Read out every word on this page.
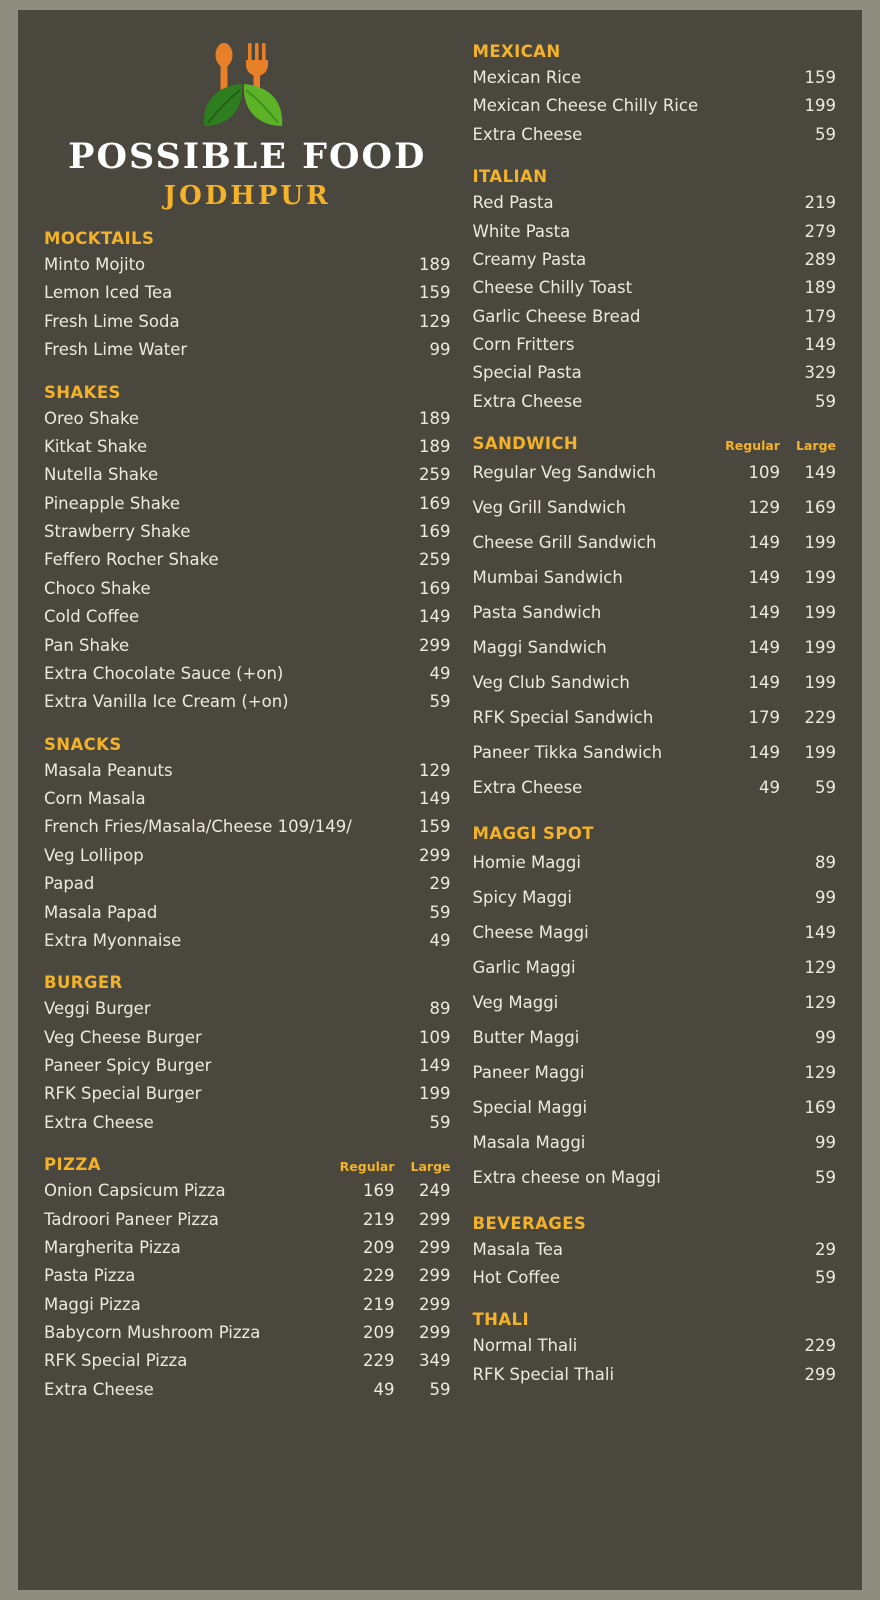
POSSIBLE FOOD
JODHPUR
MOCKTAILS
Minto Mojito	189
Lemon Iced Tea	159
Fresh Lime Soda	129
Fresh Lime Water	99
SHAKES
Oreo Shake	189
Kitkat Shake	189
Nutella Shake	259
Pineapple Shake	169
Strawberry Shake	169
Feffero Rocher Shake	259
Choco Shake	169
Cold Coffee	149
Pan Shake	299
Extra Chocolate Sauce (+on)	49
Extra Vanilla Ice Cream (+on)	59
SNACKS
Masala Peanuts	129
Corn Masala	149
French Fries/Masala/Cheese 109/149/	159
Veg Lollipop	299
Papad	29
Masala Papad	59
Extra Myonnaise	49
BURGER
Veggi Burger	89
Veg Cheese Burger	109
Paneer Spicy Burger	149
RFK Special Burger	199
Extra Cheese	59
PIZZA	Regular	Large
Onion Capsicum Pizza	169	249
Tadroori Paneer Pizza	219	299
Margherita Pizza	209	299
Pasta Pizza	229	299
Maggi Pizza	219	299
Babycorn Mushroom Pizza	209	299
RFK Special Pizza	229	349
Extra Cheese	49	59
MEXICAN
Mexican Rice	159
Mexican Cheese Chilly Rice	199
Extra Cheese	59
ITALIAN
Red Pasta	219
White Pasta	279
Creamy Pasta	289
Cheese Chilly Toast	189
Garlic Cheese Bread	179
Corn Fritters	149
Special Pasta	329
Extra Cheese	59
SANDWICH	Regular	Large
Regular Veg Sandwich	109	149
Veg Grill Sandwich	129	169
Cheese Grill Sandwich	149	199
Mumbai Sandwich	149	199
Pasta Sandwich	149	199
Maggi Sandwich	149	199
Veg Club Sandwich	149	199
RFK Special Sandwich	179	229
Paneer Tikka Sandwich	149	199
Extra Cheese	49	59
MAGGI SPOT
Homie Maggi	89
Spicy Maggi	99
Cheese Maggi	149
Garlic Maggi	129
Veg Maggi	129
Butter Maggi	99
Paneer Maggi	129
Special Maggi	169
Masala Maggi	99
Extra cheese on Maggi	59
BEVERAGES
Masala Tea	29
Hot Coffee	59
THALI
Normal Thali	229
RFK Special Thali	299
